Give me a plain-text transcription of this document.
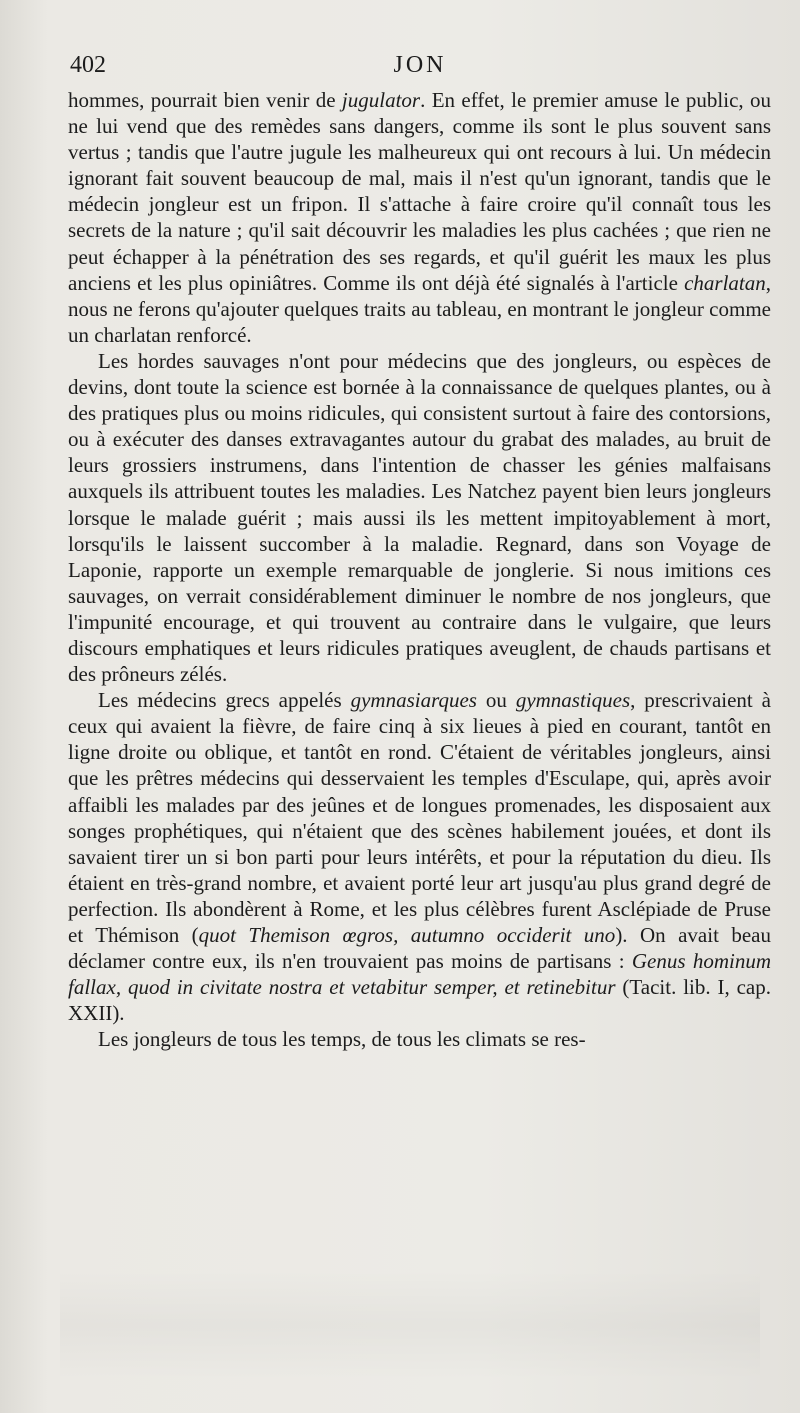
402	JON

hommes, pourrait bien venir de jugulator. En effet, le premier amuse le public, ou ne lui vend que des remèdes sans dangers, comme ils sont le plus souvent sans vertus ; tandis que l'autre jugule les malheureux qui ont recours à lui. Un médecin ignorant fait souvent beaucoup de mal, mais il n'est qu'un ignorant, tandis que le médecin jongleur est un fripon. Il s'attache à faire croire qu'il connaît tous les secrets de la nature ; qu'il sait découvrir les maladies les plus cachées ; que rien ne peut échapper à la pénétration des ses regards, et qu'il guérit les maux les plus anciens et les plus opiniâtres. Comme ils ont déjà été signalés à l'article charlatan, nous ne ferons qu'ajouter quelques traits au tableau, en montrant le jongleur comme un charlatan renforcé.

Les hordes sauvages n'ont pour médecins que des jongleurs, ou espèces de devins, dont toute la science est bornée à la connaissance de quelques plantes, ou à des pratiques plus ou moins ridicules, qui consistent surtout à faire des contorsions, ou à exécuter des danses extravagantes autour du grabat des malades, au bruit de leurs grossiers instrumens, dans l'intention de chasser les génies malfaisans auxquels ils attribuent toutes les maladies. Les Natchez payent bien leurs jongleurs lorsque le malade guérit ; mais aussi ils les mettent impitoyablement à mort, lorsqu'ils le laissent succomber à la maladie. Regnard, dans son Voyage de Laponie, rapporte un exemple remarquable de jonglerie. Si nous imitions ces sauvages, on verrait considérablement diminuer le nombre de nos jongleurs, que l'impunité encourage, et qui trouvent au contraire dans le vulgaire, que leurs discours emphatiques et leurs ridicules pratiques aveuglent, de chauds partisans et des prôneurs zélés.

Les médecins grecs appelés gymnasiarques ou gymnastiques, prescrivaient à ceux qui avaient la fièvre, de faire cinq à six lieues à pied en courant, tantôt en ligne droite ou oblique, et tantôt en rond. C'étaient de véritables jongleurs, ainsi que les prêtres médecins qui desservaient les temples d'Esculape, qui, après avoir affaibli les malades par des jeûnes et de longues promenades, les disposaient aux songes prophétiques, qui n'étaient que des scènes habilement jouées, et dont ils savaient tirer un si bon parti pour leurs intérêts, et pour la réputation du dieu. Ils étaient en très-grand nombre, et avaient porté leur art jusqu'au plus grand degré de perfection. Ils abondèrent à Rome, et les plus célèbres furent Asclépiade de Pruse et Thémison (quot Themison œgros, autumno occiderit uno). On avait beau déclamer contre eux, ils n'en trouvaient pas moins de partisans : Genus hominum fallax, quod in civitate nostra et vetabitur semper, et retinebitur (Tacit. lib. I, cap. XXII).

Les jongleurs de tous les temps, de tous les climats se res-
